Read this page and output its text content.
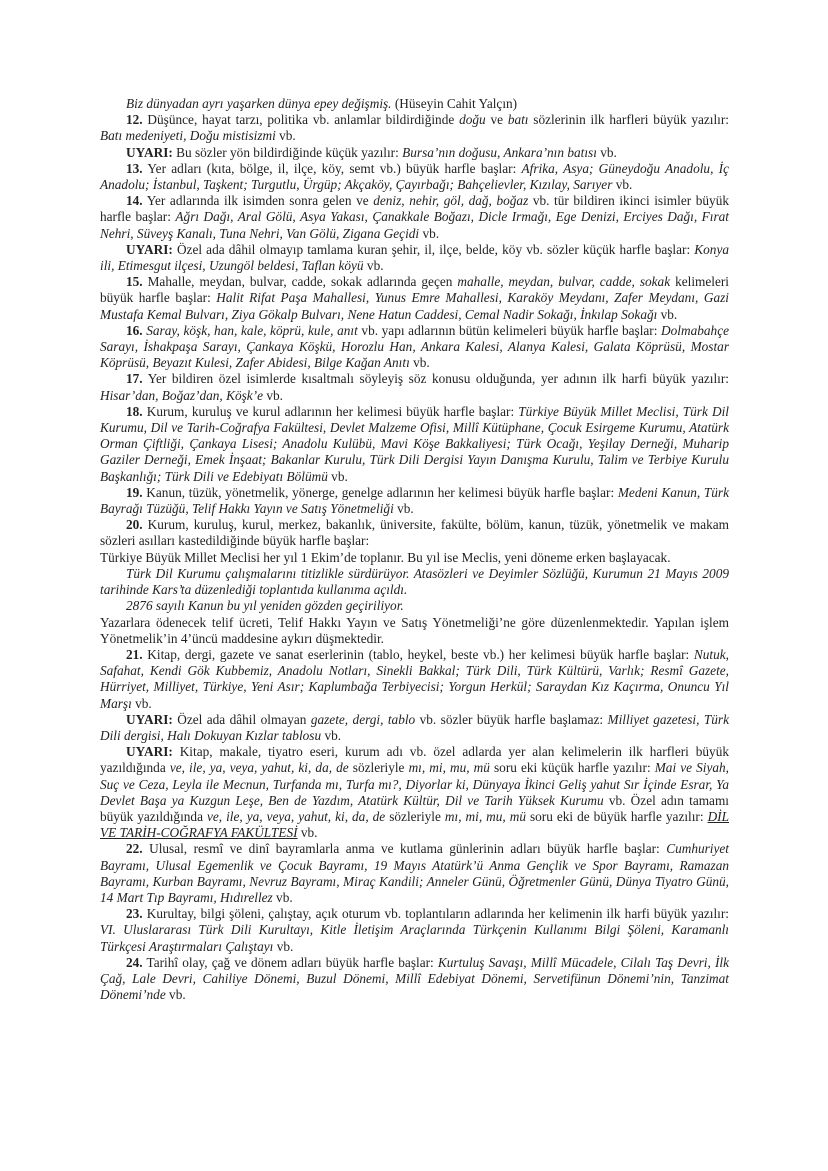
Biz dünyadan ayrı yaşarken dünya epey değişmiş. (Hüseyin Cahit Yalçın)

12. Düşünce, hayat tarzı, politika vb. anlamlar bildirdiğinde doğu ve batı sözlerinin ilk harfleri büyük yazılır: Batı medeniyeti, Doğu mistisizmi vb.

UYARI: Bu sözler yön bildirdiğinde küçük yazılır: Bursa’nın doğusu, Ankara’nın batısı vb.

13. Yer adları (kıta, bölge, il, ilçe, köy, semt vb.) büyük harfle başlar: Afrika, Asya; Güneydoğu Anadolu, İç Anadolu; İstanbul, Taşkent; Turgutlu, Ürgüp; Akçaköy, Çayırbağı; Bahçelievler, Kızılay, Sarıyer vb.

14. Yer adlarında ilk isimden sonra gelen ve deniz, nehir, göl, dağ, boğaz vb. tür bildiren ikinci isimler büyük harfle başlar: Ağrı Dağı, Aral Gölü, Asya Yakası, Çanakkale Boğazı, Dicle Irmağı, Ege Denizi, Erciyes Dağı, Fırat Nehri, Süveyş Kanalı, Tuna Nehri, Van Gölü, Zigana Geçidi vb.

UYARI: Özel ada dâhil olmayıp tamlama kuran şehir, il, ilçe, belde, köy vb. sözler küçük harfle başlar: Konya ili, Etimesgut ilçesi, Uzungöl beldesi, Taflan köyü vb.

15. Mahalle, meydan, bulvar, cadde, sokak adlarında geçen mahalle, meydan, bulvar, cadde, sokak kelimeleri büyük harfle başlar: Halit Rifat Paşa Mahallesi, Yunus Emre Mahallesi, Karaköy Meydanı, Zafer Meydanı, Gazi Mustafa Kemal Bulvarı, Ziya Gökalp Bulvarı, Nene Hatun Caddesi, Cemal Nadir Sokağı, İnkılap Sokağı vb.

16. Saray, köşk, han, kale, köprü, kule, anıt vb. yapı adlarının bütün kelimeleri büyük harfle başlar: Dolmabahçe Sarayı, İshakpaşa Sarayı, Çankaya Köşkü, Horozlu Han, Ankara Kalesi, Alanya Kalesi, Galata Köprüsü, Mostar Köprüsü, Beyazıt Kulesi, Zafer Abidesi, Bilge Kağan Anıtı vb.

17. Yer bildiren özel isimlerde kısaltmalı söyleyiş söz konusu olduğunda, yer adının ilk harfi büyük yazılır: Hisar’dan, Boğaz’dan, Köşk’e vb.

18. Kurum, kuruluş ve kurul adlarının her kelimesi büyük harfle başlar: Türkiye Büyük Millet Meclisi, Türk Dil Kurumu, Dil ve Tarih-Coğrafya Fakültesi, Devlet Malzeme Ofisi, Millî Kütüphane, Çocuk Esirgeme Kurumu, Atatürk Orman Çiftliği, Çankaya Lisesi; Anadolu Kulübü, Mavi Köşe Bakkaliyesi; Türk Ocağı, Yeşilay Derneği, Muharip Gaziler Derneği, Emek İnşaat; Bakanlar Kurulu, Türk Dili Dergisi Yayın Danışma Kurulu, Talim ve Terbiye Kurulu Başkanlığı; Türk Dili ve Edebiyatı Bölümü vb.

19. Kanun, tüzük, yönetmelik, yönerge, genelge adlarının her kelimesi büyük harfle başlar: Medeni Kanun, Türk Bayrağı Tüzüğü, Telif Hakkı Yayın ve Satış Yönetmeliği vb.

20. Kurum, kuruluş, kurul, merkez, bakanlık, üniversite, fakülte, bölüm, kanun, tüzük, yönetmelik ve makam sözleri asılları kastedildiğinde büyük harfle başlar:

Türkiye Büyük Millet Meclisi her yıl 1 Ekim’de toplanır. Bu yıl ise Meclis, yeni döneme erken başlayacak.

Türk Dil Kurumu çalışmalarını titizlikle sürdürüyor. Atasözleri ve Deyimler Sözlüğü, Kurumun 21 Mayıs 2009 tarihinde Kars’ta düzenlediği toplantıda kullanıma açıldı.

2876 sayılı Kanun bu yıl yeniden gözden geçiriliyor.

Yazarlara ödenecek telif ücreti, Telif Hakkı Yayın ve Satış Yönetmeliği’ne göre düzenlenmektedir. Yapılan işlem Yönetmelik’in 4’üncü maddesine aykırı düşmektedir.

21. Kitap, dergi, gazete ve sanat eserlerinin (tablo, heykel, beste vb.) her kelimesi büyük harfle başlar: Nutuk, Safahat, Kendi Gök Kubbemiz, Anadolu Notları, Sinekli Bakkal; Türk Dili, Türk Kültürü, Varlık; Resmî Gazete, Hürriyet, Milliyet, Türkiye, Yeni Asır; Kaplumbağa Terbiyecisi; Yorgun Herkül; Saraydan Kız Kaçırma, Onuncu Yıl Marşı vb.

UYARI: Özel ada dâhil olmayan gazete, dergi, tablo vb. sözler büyük harfle başlamaz: Milliyet gazetesi, Türk Dili dergisi, Halı Dokuyan Kızlar tablosu vb.

UYARI: Kitap, makale, tiyatro eseri, kurum adı vb. özel adlarda yer alan kelimelerin ilk harfleri büyük yazıldığında ve, ile, ya, veya, yahut, ki, da, de sözleriyle mı, mi, mu, mü soru eki küçük harfle yazılır: Mai ve Siyah, Suç ve Ceza, Leyla ile Mecnun, Turfanda mı, Turfa mı?, Diyorlar ki, Dünyaya İkinci Geliş yahut Sır İçinde Esrar, Ya Devlet Başa ya Kuzgun Leşe, Ben de Yazdım, Atatürk Kültür, Dil ve Tarih Yüksek Kurumu vb. Özel adın tamamı büyük yazıldığında ve, ile, ya, veya, yahut, ki, da, de sözleriyle mı, mi, mu, mü soru eki de büyük harfle yazılır: DİL VE TARİH-COĞRAFYA FAKÜLTESİ vb.

22. Ulusal, resmî ve dinî bayramlarla anma ve kutlama günlerinin adları büyük harfle başlar: Cumhuriyet Bayramı, Ulusal Egemenlik ve Çocuk Bayramı, 19 Mayıs Atatürk’ü Anma Gençlik ve Spor Bayramı, Ramazan Bayramı, Kurban Bayramı, Nevruz Bayramı, Miraç Kandili; Anneler Günü, Öğretmenler Günü, Dünya Tiyatro Günü, 14 Mart Tıp Bayramı, Hıdırellez vb.

23. Kurultay, bilgi şöleni, çalıştay, açık oturum vb. toplantıların adlarında her kelimenin ilk harfi büyük yazılır: VI. Uluslararası Türk Dili Kurultayı, Kitle İletişim Araçlarında Türkçenin Kullanımı Bilgi Şöleni, Karamanlı Türkçesi Araştırmaları Çalıştayı vb.

24. Tarihî olay, çağ ve dönem adları büyük harfle başlar: Kurtuluş Savaşı, Millî Mücadele, Cilalı Taş Devri, İlk Çağ, Lale Devri, Cahiliye Dönemi, Buzul Dönemi, Millî Edebiyat Dönemi, Servetifünun Dönemi’nin, Tanzimat Dönemi’nde vb.
